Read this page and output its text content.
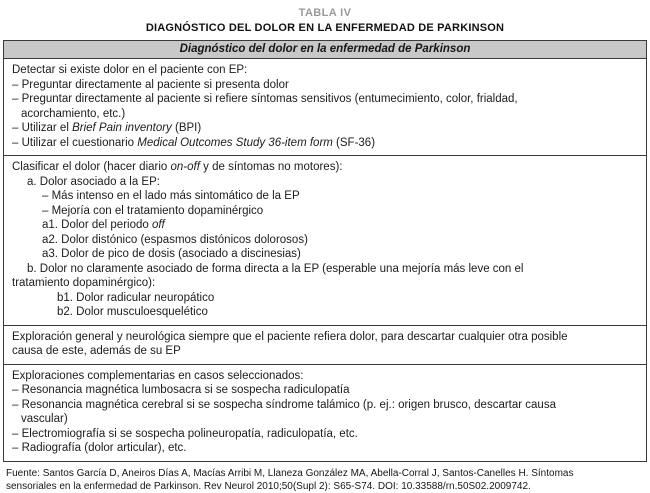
TABLA IV
DIAGNÓSTICO DEL DOLOR EN LA ENFERMEDAD DE PARKINSON
Diagnóstico del dolor en la enfermedad de Parkinson
Detectar si existe dolor en el paciente con EP:
– Preguntar directamente al paciente si presenta dolor
– Preguntar directamente al paciente si refiere síntomas sensitivos (entumecimiento, color, frialdad,
acorchamiento, etc.)
– Utilizar el Brief Pain inventory (BPI)
– Utilizar el cuestionario Medical Outcomes Study 36-item form (SF-36)
Clasificar el dolor (hacer diario on-off y de síntomas no motores):
a. Dolor asociado a la EP:
– Más intenso en el lado más sintomático de la EP
– Mejoría con el tratamiento dopaminérgico
a1. Dolor del periodo off
a2. Dolor distónico (espasmos distónicos dolorosos)
a3. Dolor de pico de dosis (asociado a discinesias)
b. Dolor no claramente asociado de forma directa a la EP (esperable una mejoría más leve con el
tratamiento dopaminérgico):
b1. Dolor radicular neuropático
b2. Dolor musculoesquelético
Exploración general y neurológica siempre que el paciente refiera dolor, para descartar cualquier otra posible
causa de este, además de su EP
Exploraciones complementarias en casos seleccionados:
– Resonancia magnética lumbosacra si se sospecha radiculopatía
– Resonancia magnética cerebral si se sospecha síndrome talámico (p. ej.: origen brusco, descartar causa
vascular)
– Electromiografía si se sospecha polineuropatía, radiculopatía, etc.
– Radiografía (dolor articular), etc.
Fuente: Santos García D, Aneiros Días A, Macías Arribi M, Llaneza González MA, Abella-Corral J, Santos-Canelles H. Síntomas
sensoriales en la enfermedad de Parkinson. Rev Neurol 2010;50(Supl 2): S65-S74. DOI: 10.33588/rn.50S02.2009742.
